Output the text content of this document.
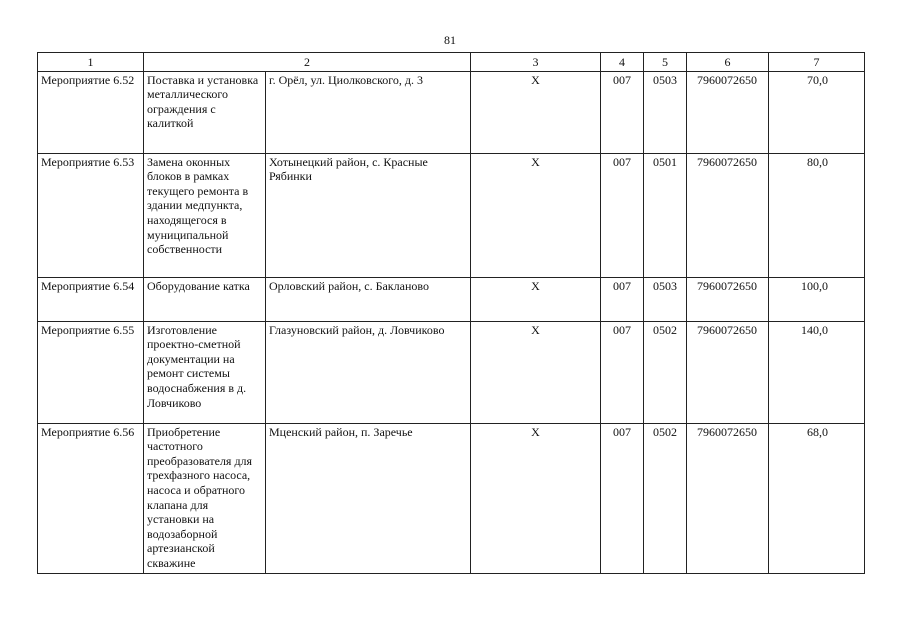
81
1	2		3	4	5	6	7
Мероприятие 6.52	Поставка и установка металлического ограждения с калиткой	г. Орёл, ул. Циолковского, д. 3	X	007	0503	7960072650	70,0
Мероприятие 6.53	Замена оконных блоков в рамках текущего ремонта в здании медпункта, находящегося в муниципальной собственности	Хотынецкий район, с. Красные Рябинки	X	007	0501	7960072650	80,0
Мероприятие 6.54	Оборудование катка	Орловский район, с. Бакланово	X	007	0503	7960072650	100,0
Мероприятие 6.55	Изготовление проектно-сметной документации на ремонт системы водоснабжения в д. Ловчиково	Глазуновский район, д. Ловчиково	X	007	0502	7960072650	140,0
Мероприятие 6.56	Приобретение частотного преобразователя для трехфазного насоса, насоса и обратного клапана для установки на водозаборной артезианской скважине	Мценский район, п. Заречье	X	007	0502	7960072650	68,0
